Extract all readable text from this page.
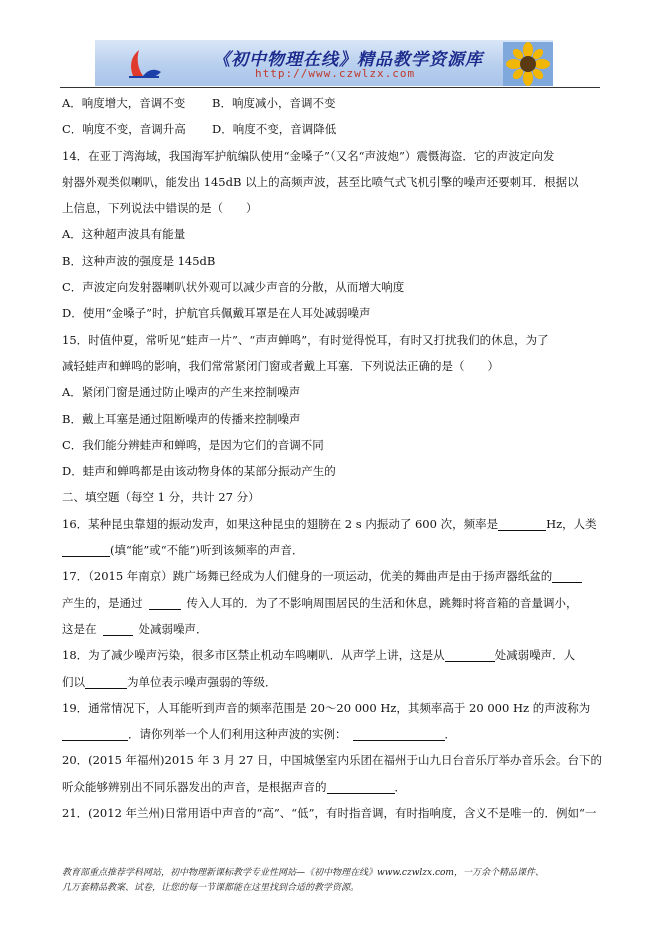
《初中物理在线》精品教学资源库
http://www.czwlzx.com
A．响度增大，音调不变 B．响度减小，音调不变
C．响度不变，音调升高 D．响度不变，音调降低
14．在亚丁湾海域，我国海军护航编队使用“金嗓子”（又名“声波炮”）震慑海盗．它的声波定向发
射器外观类似喇叭，能发出 145dB 以上的高频声波，甚至比喷气式飞机引擎的噪声还要刺耳．根据以
上信息，下列说法中错误的是（　　）
A．这种超声波具有能量
B．这种声波的强度是 145dB
C．声波定向发射器喇叭状外观可以减少声音的分散，从而增大响度
D．使用“金嗓子”时，护航官兵佩戴耳罩是在人耳处减弱噪声
15．时值仲夏，常听见“蛙声一片”、“声声蝉鸣”，有时觉得悦耳，有时又打扰我们的休息，为了
减轻蛙声和蝉鸣的影响，我们常常紧闭门窗或者戴上耳塞．下列说法正确的是（　　）
A．紧闭门窗是通过防止噪声的产生来控制噪声
B．戴上耳塞是通过阻断噪声的传播来控制噪声
C．我们能分辨蛙声和蝉鸣，是因为它们的音调不同
D．蛙声和蝉鸣都是由该动物身体的某部分振动产生的
二、填空题（每空 1 分，共计 27 分）
16．某种昆虫靠翅的振动发声，如果这种昆虫的翅膀在 2 s 内振动了 600 次，频率是	Hz，人类
(填“能”或“不能”)听到该频率的声音．
17．（2015 年南京）跳广场舞已经成为人们健身的一项运动，优美的舞曲声是由于扬声器纸盆的
产生的，是通过	传入人耳的．为了不影响周围居民的生活和休息，跳舞时将音箱的音量调小，
这是在	处减弱噪声．
18．为了减少噪声污染，很多市区禁止机动车鸣喇叭．从声学上讲，这是从	处减弱噪声．人
们以	为单位表示噪声强弱的等级．
19．通常情况下，人耳能听到声音的频率范围是 20～20 000 Hz，其频率高于 20 000 Hz 的声波称为
．请你列举一个人们利用这种声波的实例：	．
20．(2015 年福州)2015 年 3 月 27 日，中国城堡室内乐团在福州于山九日台音乐厅举办音乐会。台下的
听众能够辨别出不同乐器发出的声音，是根据声音的	．
21．(2012 年兰州)日常用语中声音的“高”、“低”，有时指音调，有时指响度，含义不是唯一的．例如“一
教育部重点推荐学科网站，初中物理新课标教学专业性网站—《初中物理在线》www.czwlzx.com，一万余个精品课件、
几万套精品教案、试卷，让您的每一节课都能在这里找到合适的教学资源。
